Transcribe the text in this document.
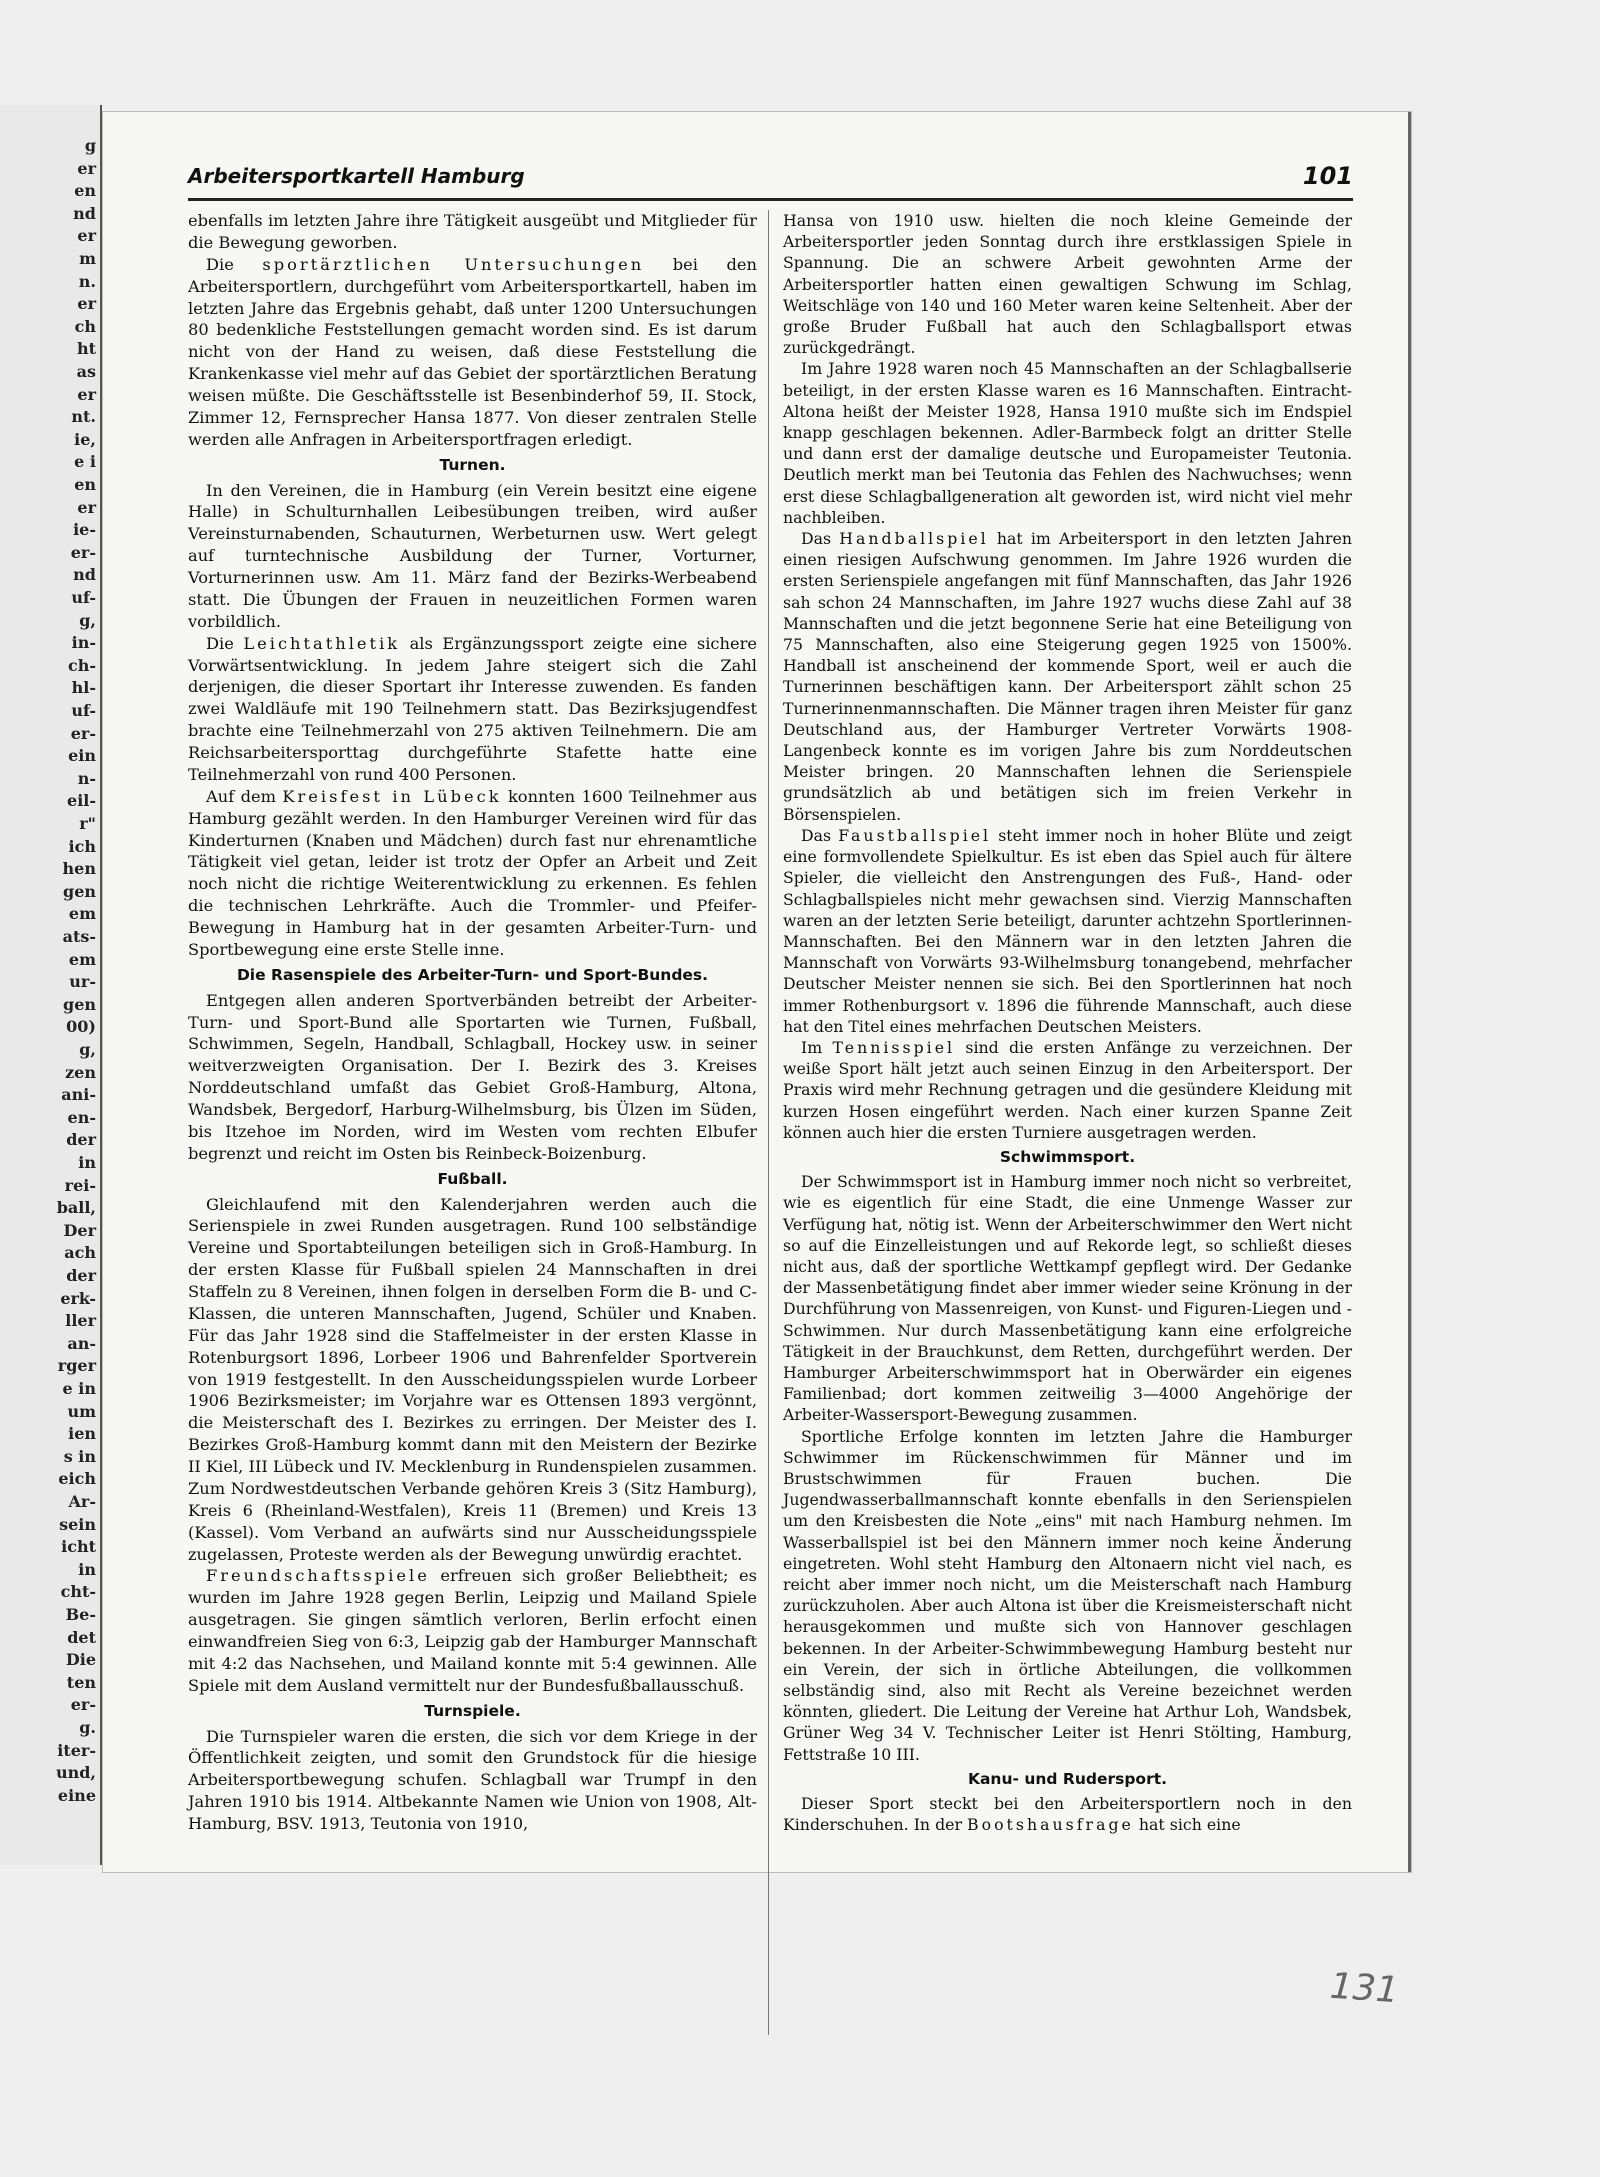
g
er
en
nd
er
m
n.
er
ch
ht
as
er
nt.
ie,
e i
en
er
ie-
er-
nd
uf-
g,
in-
ch-
hl-
uf-
er-
ein
n-
eil-
r"
ich
hen
gen
em
ats-
em
ur-
gen
00)
g,
zen
ani-
en-
der
in
rei-
ball,
Der
ach
der
erk-
ller
an-
rger
e in
um
ien
s in
eich
Ar-
sein
icht
in
cht-
Be-
det
Die
ten
er-
g.
iter-
und,
eine
Arbeitersportkartell Hamburg	101

ebenfalls im letzten Jahre ihre Tätigkeit ausgeübt und Mitglieder für die Bewegung geworben.

Die sportärztlichen Untersuchungen bei den Arbeitersportlern, durchgeführt vom Arbeitersportkartell, haben im letzten Jahre das Ergebnis gehabt, daß unter 1200 Untersuchungen 80 bedenkliche Feststellungen gemacht worden sind. Es ist darum nicht von der Hand zu weisen, daß diese Feststellung die Krankenkasse viel mehr auf das Gebiet der sportärztlichen Beratung weisen müßte. Die Geschäftsstelle ist Besenbinderhof 59, II. Stock, Zimmer 12, Fernsprecher Hansa 1877. Von dieser zentralen Stelle werden alle Anfragen in Arbeitersportfragen erledigt.

Turnen.

In den Vereinen, die in Hamburg (ein Verein besitzt eine eigene Halle) in Schulturnhallen Leibesübungen treiben, wird außer Vereinsturnabenden, Schauturnen, Werbeturnen usw. Wert gelegt auf turntechnische Ausbildung der Turner, Vorturner, Vorturnerinnen usw. Am 11. März fand der Bezirks-Werbeabend statt. Die Übungen der Frauen in neuzeitlichen Formen waren vorbildlich.

Die Leichtathletik als Ergänzungssport zeigte eine sichere Vorwärtsentwicklung. In jedem Jahre steigert sich die Zahl derjenigen, die dieser Sportart ihr Interesse zuwenden. Es fanden zwei Waldläufe mit 190 Teilnehmern statt. Das Bezirksjugendfest brachte eine Teilnehmerzahl von 275 aktiven Teilnehmern. Die am Reichsarbeitersporttag durchgeführte Stafette hatte eine Teilnehmerzahl von rund 400 Personen.

Auf dem Kreisfest in Lübeck konnten 1600 Teilnehmer aus Hamburg gezählt werden. In den Hamburger Vereinen wird für das Kinderturnen (Knaben und Mädchen) durch fast nur ehrenamtliche Tätigkeit viel getan, leider ist trotz der Opfer an Arbeit und Zeit noch nicht die richtige Weiterentwicklung zu erkennen. Es fehlen die technischen Lehrkräfte. Auch die Trommler- und Pfeifer-Bewegung in Hamburg hat in der gesamten Arbeiter-Turn- und Sportbewegung eine erste Stelle inne.

Die Rasenspiele des Arbeiter-Turn- und Sport-Bundes.

Entgegen allen anderen Sportverbänden betreibt der Arbeiter-Turn- und Sport-Bund alle Sportarten wie Turnen, Fußball, Schwimmen, Segeln, Handball, Schlagball, Hockey usw. in seiner weitverzweigten Organisation. Der I. Bezirk des 3. Kreises Norddeutschland umfaßt das Gebiet Groß-Hamburg, Altona, Wandsbek, Bergedorf, Harburg-Wilhelmsburg, bis Ülzen im Süden, bis Itzehoe im Norden, wird im Westen vom rechten Elbufer begrenzt und reicht im Osten bis Reinbeck-Boizenburg.

Fußball.

Gleichlaufend mit den Kalenderjahren werden auch die Serienspiele in zwei Runden ausgetragen. Rund 100 selbständige Vereine und Sportabteilungen beteiligen sich in Groß-Hamburg. In der ersten Klasse für Fußball spielen 24 Mannschaften in drei Staffeln zu 8 Vereinen, ihnen folgen in derselben Form die B- und C-Klassen, die unteren Mannschaften, Jugend, Schüler und Knaben. Für das Jahr 1928 sind die Staffelmeister in der ersten Klasse in Rotenburgsort 1896, Lorbeer 1906 und Bahrenfelder Sportverein von 1919 festgestellt. In den Ausscheidungsspielen wurde Lorbeer 1906 Bezirksmeister; im Vorjahre war es Ottensen 1893 vergönnt, die Meisterschaft des I. Bezirkes zu erringen. Der Meister des I. Bezirkes Groß-Hamburg kommt dann mit den Meistern der Bezirke II Kiel, III Lübeck und IV. Mecklenburg in Rundenspielen zusammen. Zum Nordwestdeutschen Verbande gehören Kreis 3 (Sitz Hamburg), Kreis 6 (Rheinland-Westfalen), Kreis 11 (Bremen) und Kreis 13 (Kassel). Vom Verband an aufwärts sind nur Ausscheidungsspiele zugelassen, Proteste werden als der Bewegung unwürdig erachtet.

Freundschaftsspiele erfreuen sich großer Beliebtheit; es wurden im Jahre 1928 gegen Berlin, Leipzig und Mailand Spiele ausgetragen. Sie gingen sämtlich verloren, Berlin erfocht einen einwandfreien Sieg von 6:3, Leipzig gab der Hamburger Mannschaft mit 4:2 das Nachsehen, und Mailand konnte mit 5:4 gewinnen. Alle Spiele mit dem Ausland vermittelt nur der Bundesfußballausschuß.

Turnspiele.

Die Turnspieler waren die ersten, die sich vor dem Kriege in der Öffentlichkeit zeigten, und somit den Grundstock für die hiesige Arbeitersportbewegung schufen. Schlagball war Trumpf in den Jahren 1910 bis 1914. Altbekannte Namen wie Union von 1908, Alt-Hamburg, BSV. 1913, Teutonia von 1910,

Hansa von 1910 usw. hielten die noch kleine Gemeinde der Arbeitersportler jeden Sonntag durch ihre erstklassigen Spiele in Spannung. Die an schwere Arbeit gewohnten Arme der Arbeitersportler hatten einen gewaltigen Schwung im Schlag, Weitschläge von 140 und 160 Meter waren keine Seltenheit. Aber der große Bruder Fußball hat auch den Schlagballsport etwas zurückgedrängt.

Im Jahre 1928 waren noch 45 Mannschaften an der Schlagballserie beteiligt, in der ersten Klasse waren es 16 Mannschaften. Eintracht-Altona heißt der Meister 1928, Hansa 1910 mußte sich im Endspiel knapp geschlagen bekennen. Adler-Barmbeck folgt an dritter Stelle und dann erst der damalige deutsche und Europameister Teutonia. Deutlich merkt man bei Teutonia das Fehlen des Nachwuchses; wenn erst diese Schlagballgeneration alt geworden ist, wird nicht viel mehr nachbleiben.

Das Handballspiel hat im Arbeitersport in den letzten Jahren einen riesigen Aufschwung genommen. Im Jahre 1926 wurden die ersten Serienspiele angefangen mit fünf Mannschaften, das Jahr 1926 sah schon 24 Mannschaften, im Jahre 1927 wuchs diese Zahl auf 38 Mannschaften und die jetzt begonnene Serie hat eine Beteiligung von 75 Mannschaften, also eine Steigerung gegen 1925 von 1500%. Handball ist anscheinend der kommende Sport, weil er auch die Turnerinnen beschäftigen kann. Der Arbeitersport zählt schon 25 Turnerinnenmannschaften. Die Männer tragen ihren Meister für ganz Deutschland aus, der Hamburger Vertreter Vorwärts 1908-Langenbeck konnte es im vorigen Jahre bis zum Norddeutschen Meister bringen. 20 Mannschaften lehnen die Serienspiele grundsätzlich ab und betätigen sich im freien Verkehr in Börsenspielen.

Das Faustballspiel steht immer noch in hoher Blüte und zeigt eine formvollendete Spielkultur. Es ist eben das Spiel auch für ältere Spieler, die vielleicht den Anstrengungen des Fuß-, Hand- oder Schlagballspieles nicht mehr gewachsen sind. Vierzig Mannschaften waren an der letzten Serie beteiligt, darunter achtzehn Sportlerinnen-Mannschaften. Bei den Männern war in den letzten Jahren die Mannschaft von Vorwärts 93-Wilhelmsburg tonangebend, mehrfacher Deutscher Meister nennen sie sich. Bei den Sportlerinnen hat noch immer Rothenburgsort v. 1896 die führende Mannschaft, auch diese hat den Titel eines mehrfachen Deutschen Meisters.

Im Tennisspiel sind die ersten Anfänge zu verzeichnen. Der weiße Sport hält jetzt auch seinen Einzug in den Arbeitersport. Der Praxis wird mehr Rechnung getragen und die gesündere Kleidung mit kurzen Hosen eingeführt werden. Nach einer kurzen Spanne Zeit können auch hier die ersten Turniere ausgetragen werden.

Schwimmsport.

Der Schwimmsport ist in Hamburg immer noch nicht so verbreitet, wie es eigentlich für eine Stadt, die eine Unmenge Wasser zur Verfügung hat, nötig ist. Wenn der Arbeiterschwimmer den Wert nicht so auf die Einzelleistungen und auf Rekorde legt, so schließt dieses nicht aus, daß der sportliche Wettkampf gepflegt wird. Der Gedanke der Massenbetätigung findet aber immer wieder seine Krönung in der Durchführung von Massenreigen, von Kunst- und Figuren-Liegen und -Schwimmen. Nur durch Massenbetätigung kann eine erfolgreiche Tätigkeit in der Brauchkunst, dem Retten, durchgeführt werden. Der Hamburger Arbeiterschwimmsport hat in Oberwärder ein eigenes Familienbad; dort kommen zeitweilig 3—4000 Angehörige der Arbeiter-Wassersport-Bewegung zusammen.

Sportliche Erfolge konnten im letzten Jahre die Hamburger Schwimmer im Rückenschwimmen für Männer und im Brustschwimmen für Frauen buchen. Die Jugendwasserballmannschaft konnte ebenfalls in den Serienspielen um den Kreisbesten die Note „eins" mit nach Hamburg nehmen. Im Wasserballspiel ist bei den Männern immer noch keine Änderung eingetreten. Wohl steht Hamburg den Altonaern nicht viel nach, es reicht aber immer noch nicht, um die Meisterschaft nach Hamburg zurückzuholen. Aber auch Altona ist über die Kreismeisterschaft nicht herausgekommen und mußte sich von Hannover geschlagen bekennen. In der Arbeiter-Schwimmbewegung Hamburg besteht nur ein Verein, der sich in örtliche Abteilungen, die vollkommen selbständig sind, also mit Recht als Vereine bezeichnet werden könnten, gliedert. Die Leitung der Vereine hat Arthur Loh, Wandsbek, Grüner Weg 34 V. Technischer Leiter ist Henri Stölting, Hamburg, Fettstraße 10 III.

Kanu- und Rudersport.

Dieser Sport steckt bei den Arbeitersportlern noch in den Kinderschuhen. In der Bootshausfrage hat sich eine

131
